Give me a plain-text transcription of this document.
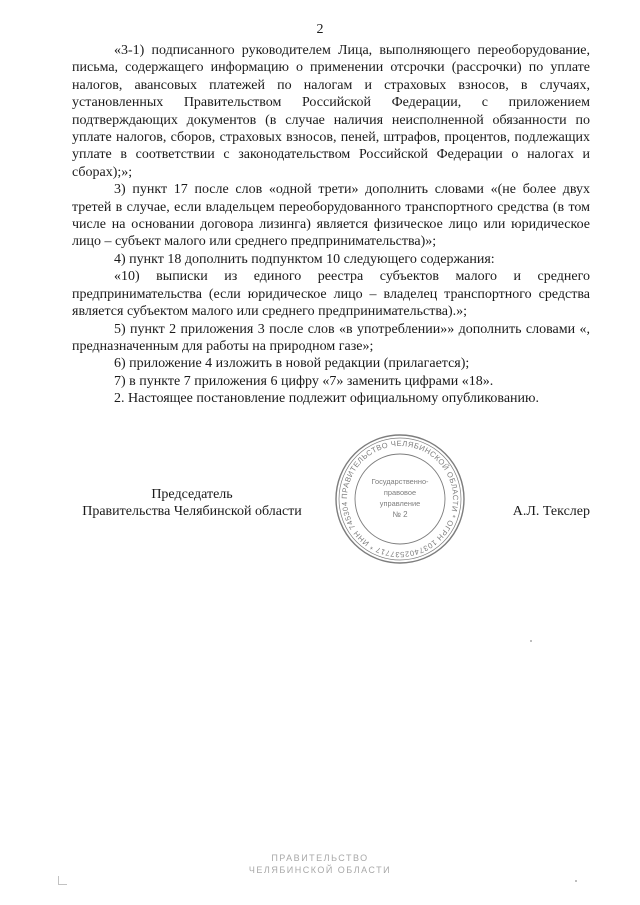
2

«3-1) подписанного руководителем Лица, выполняющего переоборудование, письма, содержащего информацию о применении отсрочки (рассрочки) по уплате налогов, авансовых платежей по налогам и страховых взносов, в случаях, установленных Правительством Российской Федерации, с приложением подтверждающих документов (в случае наличия неисполненной обязанности по уплате налогов, сборов, страховых взносов, пеней, штрафов, процентов, подлежащих уплате в соответствии с законодательством Российской Федерации о налогах и сборах);»;

3) пункт 17 после слов «одной трети» дополнить словами «(не более двух третей в случае, если владельцем переоборудованного транспортного средства (в том числе на основании договора лизинга) является физическое лицо или юридическое лицо – субъект малого или среднего предпринимательства)»;

4) пункт 18 дополнить подпунктом 10 следующего содержания:

«10) выписки из единого реестра субъектов малого и среднего предпринимательства (если юридическое лицо – владелец транспортного средства является субъектом малого или среднего предпринимательства).»;

5) пункт 2 приложения 3 после слов «в употреблении»» дополнить словами «, предназначенным для работы на природном газе»;

6) приложение 4 изложить в новой редакции (прилагается);

7) в пункте 7 приложения 6 цифру «7» заменить цифрами «18».

2. Настоящее постановление подлежит официальному опубликованию.

ПРАВИТЕЛЬСТВО ЧЕЛЯБИНСКОЙ ОБЛАСТИ * ОГРН 1037402537717 * ИНН 745304
Государственно-
правовое
управление
№ 2
Председатель
Правительства Челябинской области	А.Л. Текслер
ПРАВИТЕЛЬСТВО
ЧЕЛЯБИНСКОЙ ОБЛАСТИ
